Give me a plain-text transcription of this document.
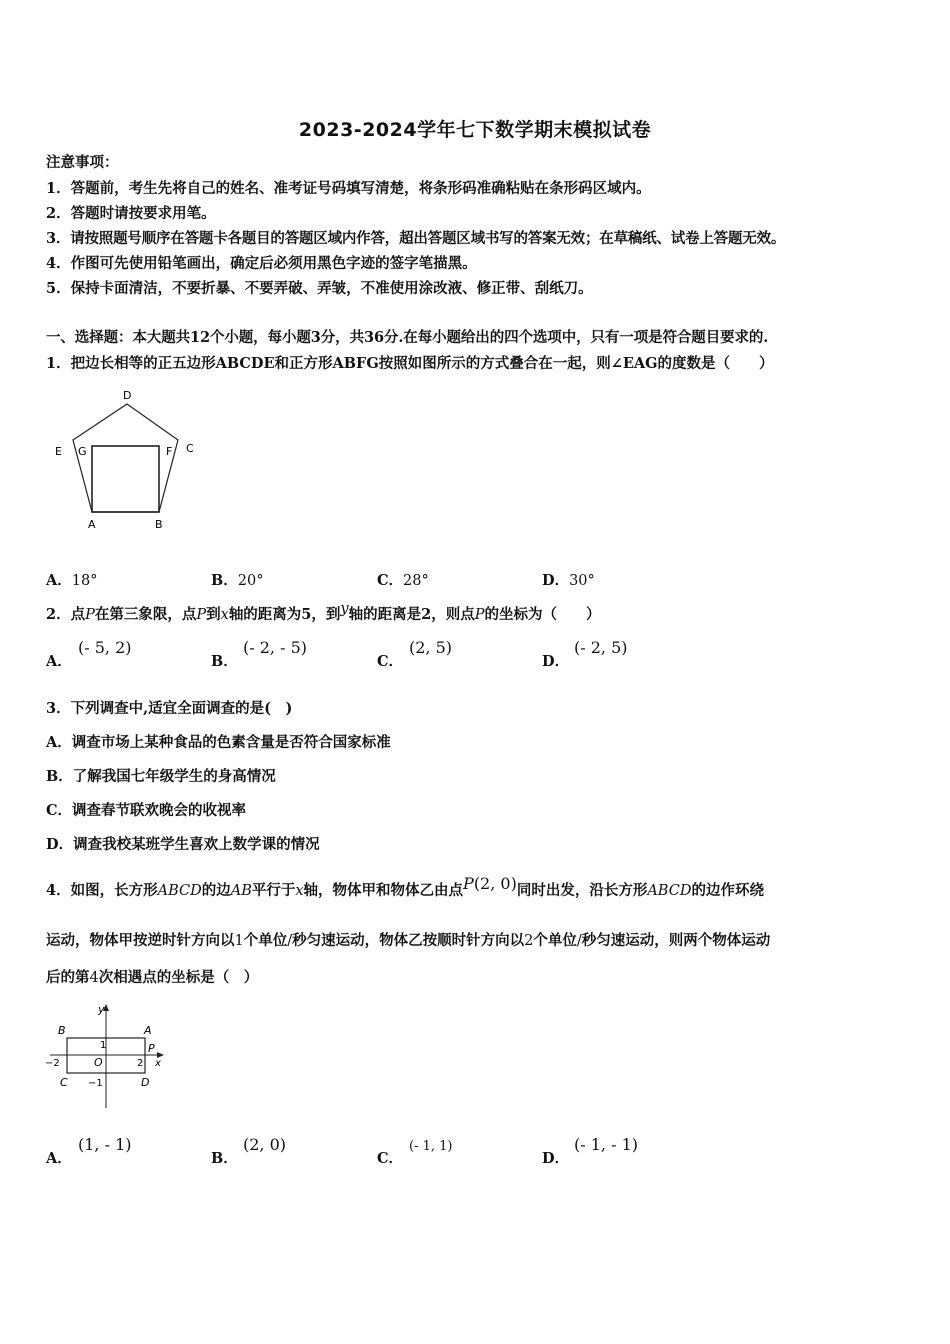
2023-2024学年七下数学期末模拟试卷
注意事项：
1．答题前，考生先将自己的姓名、准考证号码填写清楚，将条形码准确粘贴在条形码区域内。
2．答题时请按要求用笔。
3．请按照题号顺序在答题卡各题目的答题区域内作答，超出答题区域书写的答案无效；在草稿纸、试卷上答题无效。
4．作图可先使用铅笔画出，确定后必须用黑色字迹的签字笔描黑。
5．保持卡面清洁，不要折暴、不要弄破、弄皱，不准使用涂改液、修正带、刮纸刀。
一、选择题：本大题共12个小题，每小题3分，共36分.在每小题给出的四个选项中，只有一项是符合题目要求的.
1．把边长相等的正五边形ABCDE和正方形ABFG按照如图所示的方式叠合在一起，则∠EAG的度数是（　　）
D
E G	F C
A	B
A．18°	B．20°	C．28°	D．30°
2．点P在第三象限，点P到x轴的距离为5，到y轴的距离是2，则点P的坐标为（　　）
A．
(- 5, 2)
B．
(- 2, - 5)
C．
(2, 5)
D．
(- 2, 5)
3．下列调查中,适宜全面调查的是(　)
A．调查市场上某种食品的色素含量是否符合国家标准
B．了解我国七年级学生的身高情况
C．调查春节联欢晚会的收视率
D．调查我校某班学生喜欢上数学课的情况
4．如图，长方形ABCD的边AB平行于x轴，物体甲和物体乙由点P(2, 0)同时出发，沿长方形ABCD的边作环绕
运动，物体甲按逆时针方向以1个单位/秒匀速运动，物体乙按顺时针方向以2个单位/秒匀速运动，则两个物体运动
后的第4次相遇点的坐标是（　）
y
B	A
1	P
−2	O	2 x
C −1	D
A．
(1, - 1)
B．
(2, 0)
C．
(- 1, 1)
D．
(- 1, - 1)
